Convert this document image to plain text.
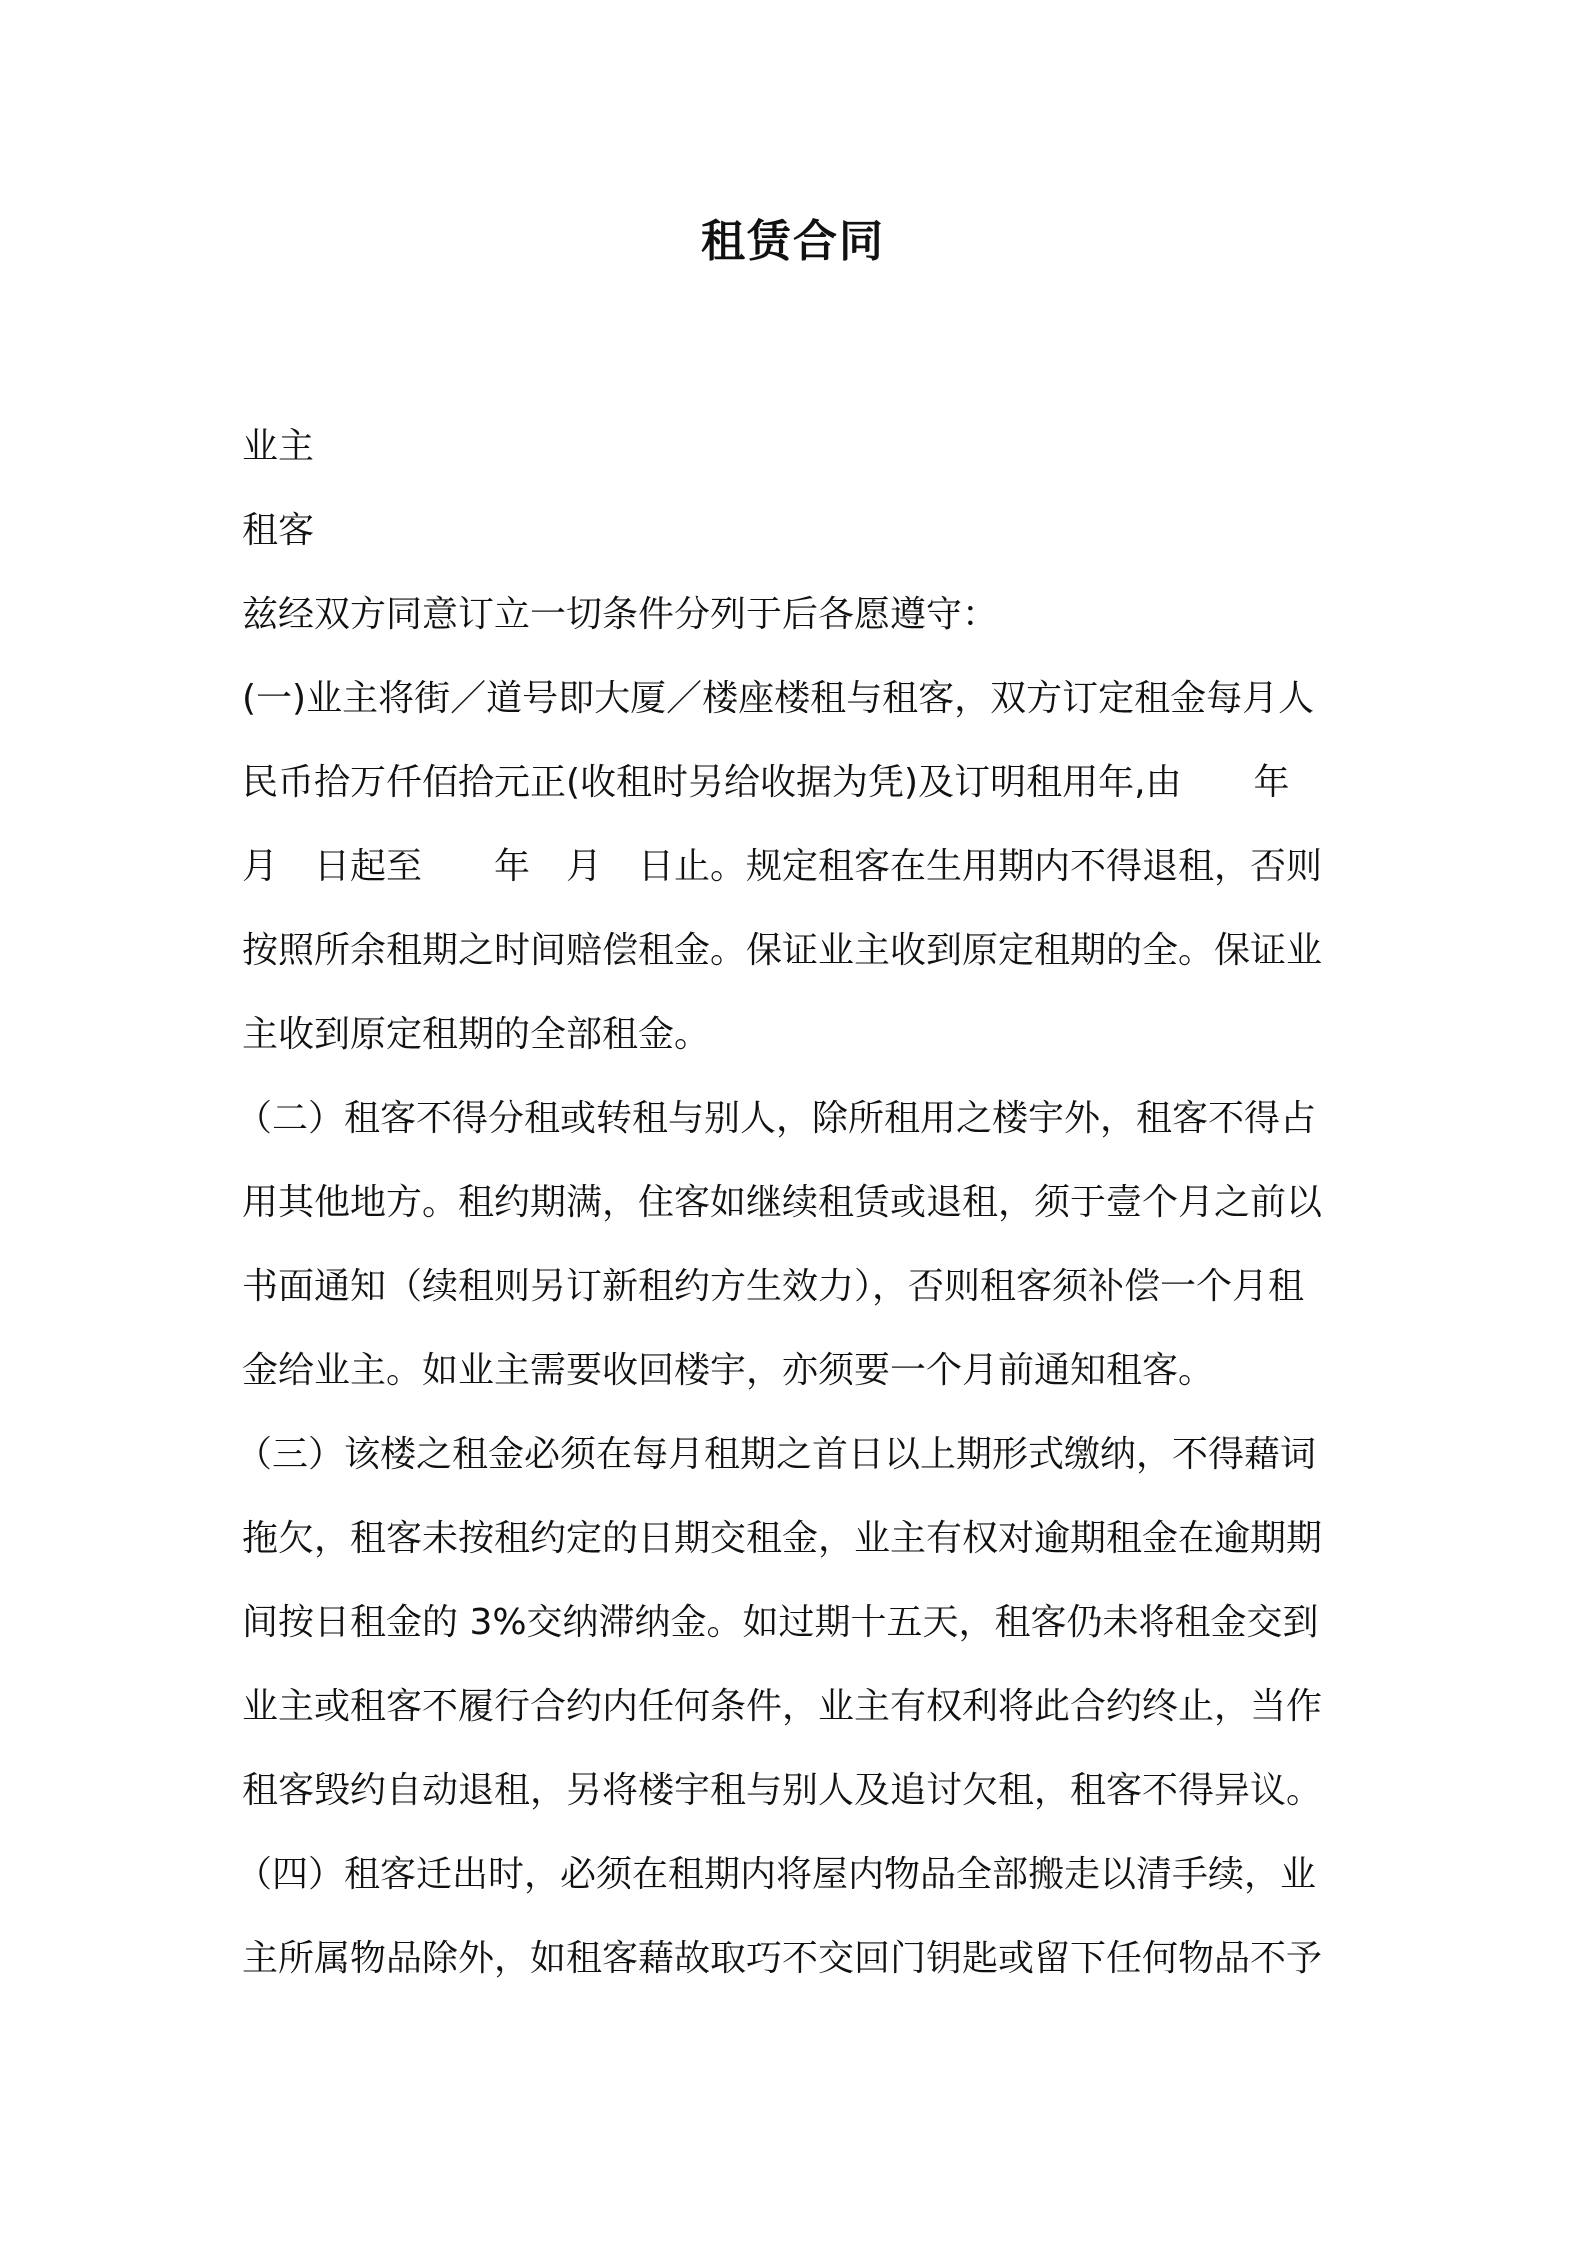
租赁合同
业主
租客
兹经双方同意订立一切条件分列于后各愿遵守：
(一)业主将街／道号即大厦／楼座楼租与租客，双方订定租金每月人
民币拾万仟佰拾元正(收租时另给收据为凭)及订明租用年,由　　年
月　日起至　　年　月　日止。规定租客在生用期内不得退租，否则
按照所余租期之时间赔偿租金。保证业主收到原定租期的全。保证业
主收到原定租期的全部租金。
（二）租客不得分租或转租与别人，除所租用之楼宇外，租客不得占
用其他地方。租约期满，住客如继续租赁或退租，须于壹个月之前以
书面通知（续租则另订新租约方生效力），否则租客须补偿一个月租
金给业主。如业主需要收回楼宇，亦须要一个月前通知租客。
（三）该楼之租金必须在每月租期之首日以上期形式缴纳，不得藉词
拖欠，租客未按租约定的日期交租金，业主有权对逾期租金在逾期期
间按日租金的 3%交纳滞纳金。如过期十五天，租客仍未将租金交到
业主或租客不履行合约内任何条件，业主有权利将此合约终止，当作
租客毁约自动退租，另将楼宇租与别人及追讨欠租，租客不得异议。
（四）租客迁出时，必须在租期内将屋内物品全部搬走以清手续，业
主所属物品除外，如租客藉故取巧不交回门钥匙或留下任何物品不予
